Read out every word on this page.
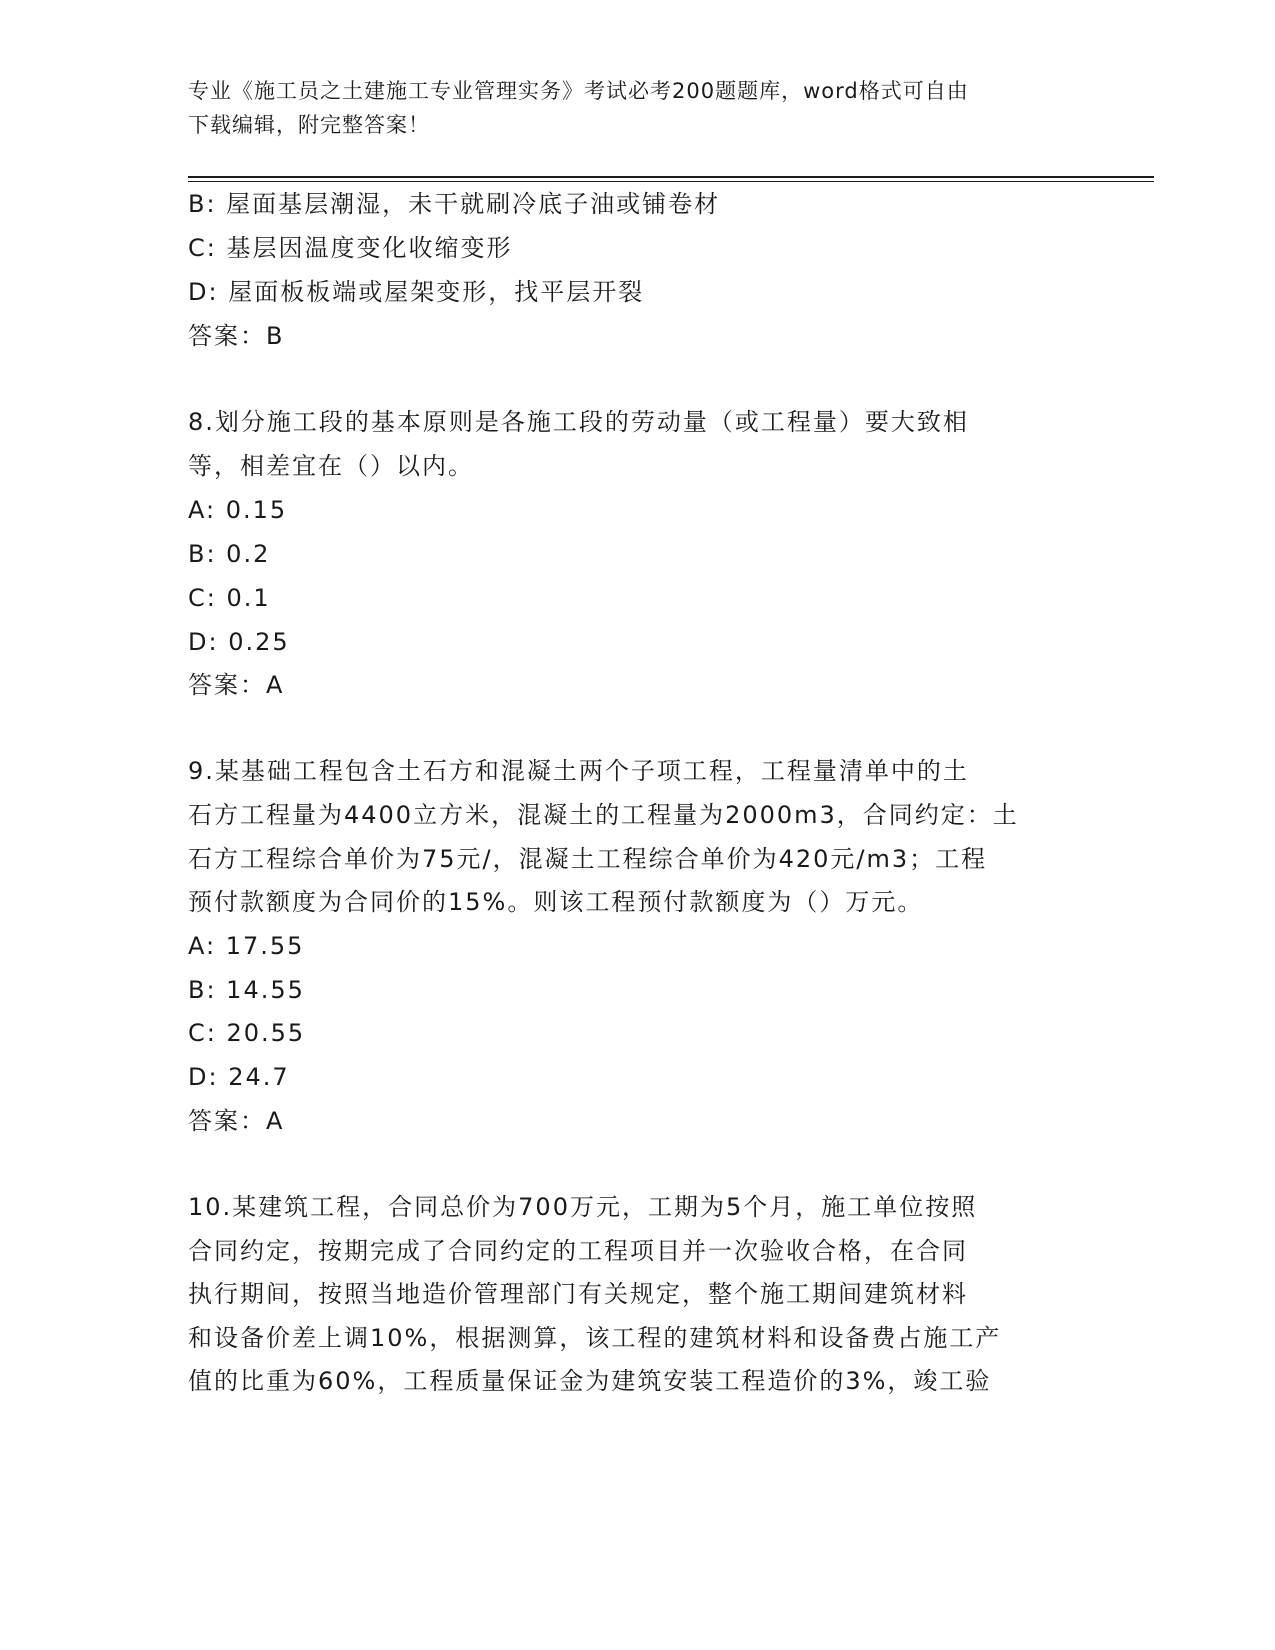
专业《施工员之土建施工专业管理实务》考试必考200题题库，word格式可自由
下载编辑，附完整答案！
B: 屋面基层潮湿，未干就刷冷底子油或铺卷材
C: 基层因温度变化收缩变形
D: 屋面板板端或屋架变形，找平层开裂
答案：B
8.划分施工段的基本原则是各施工段的劳动量（或工程量）要大致相
等，相差宜在（）以内。
A: 0.15
B: 0.2
C: 0.1
D: 0.25
答案：A
9.某基础工程包含土石方和混凝土两个子项工程，工程量清单中的土
石方工程量为4400立方米，混凝土的工程量为2000m3，合同约定：土
石方工程综合单价为75元/，混凝土工程综合单价为420元/m3；工程
预付款额度为合同价的15%。则该工程预付款额度为（）万元。
A: 17.55
B: 14.55
C: 20.55
D: 24.7
答案：A
10.某建筑工程，合同总价为700万元，工期为5个月，施工单位按照
合同约定，按期完成了合同约定的工程项目并一次验收合格，在合同
执行期间，按照当地造价管理部门有关规定，整个施工期间建筑材料
和设备价差上调10%，根据测算，该工程的建筑材料和设备费占施工产
值的比重为60%，工程质量保证金为建筑安装工程造价的3%，竣工验
